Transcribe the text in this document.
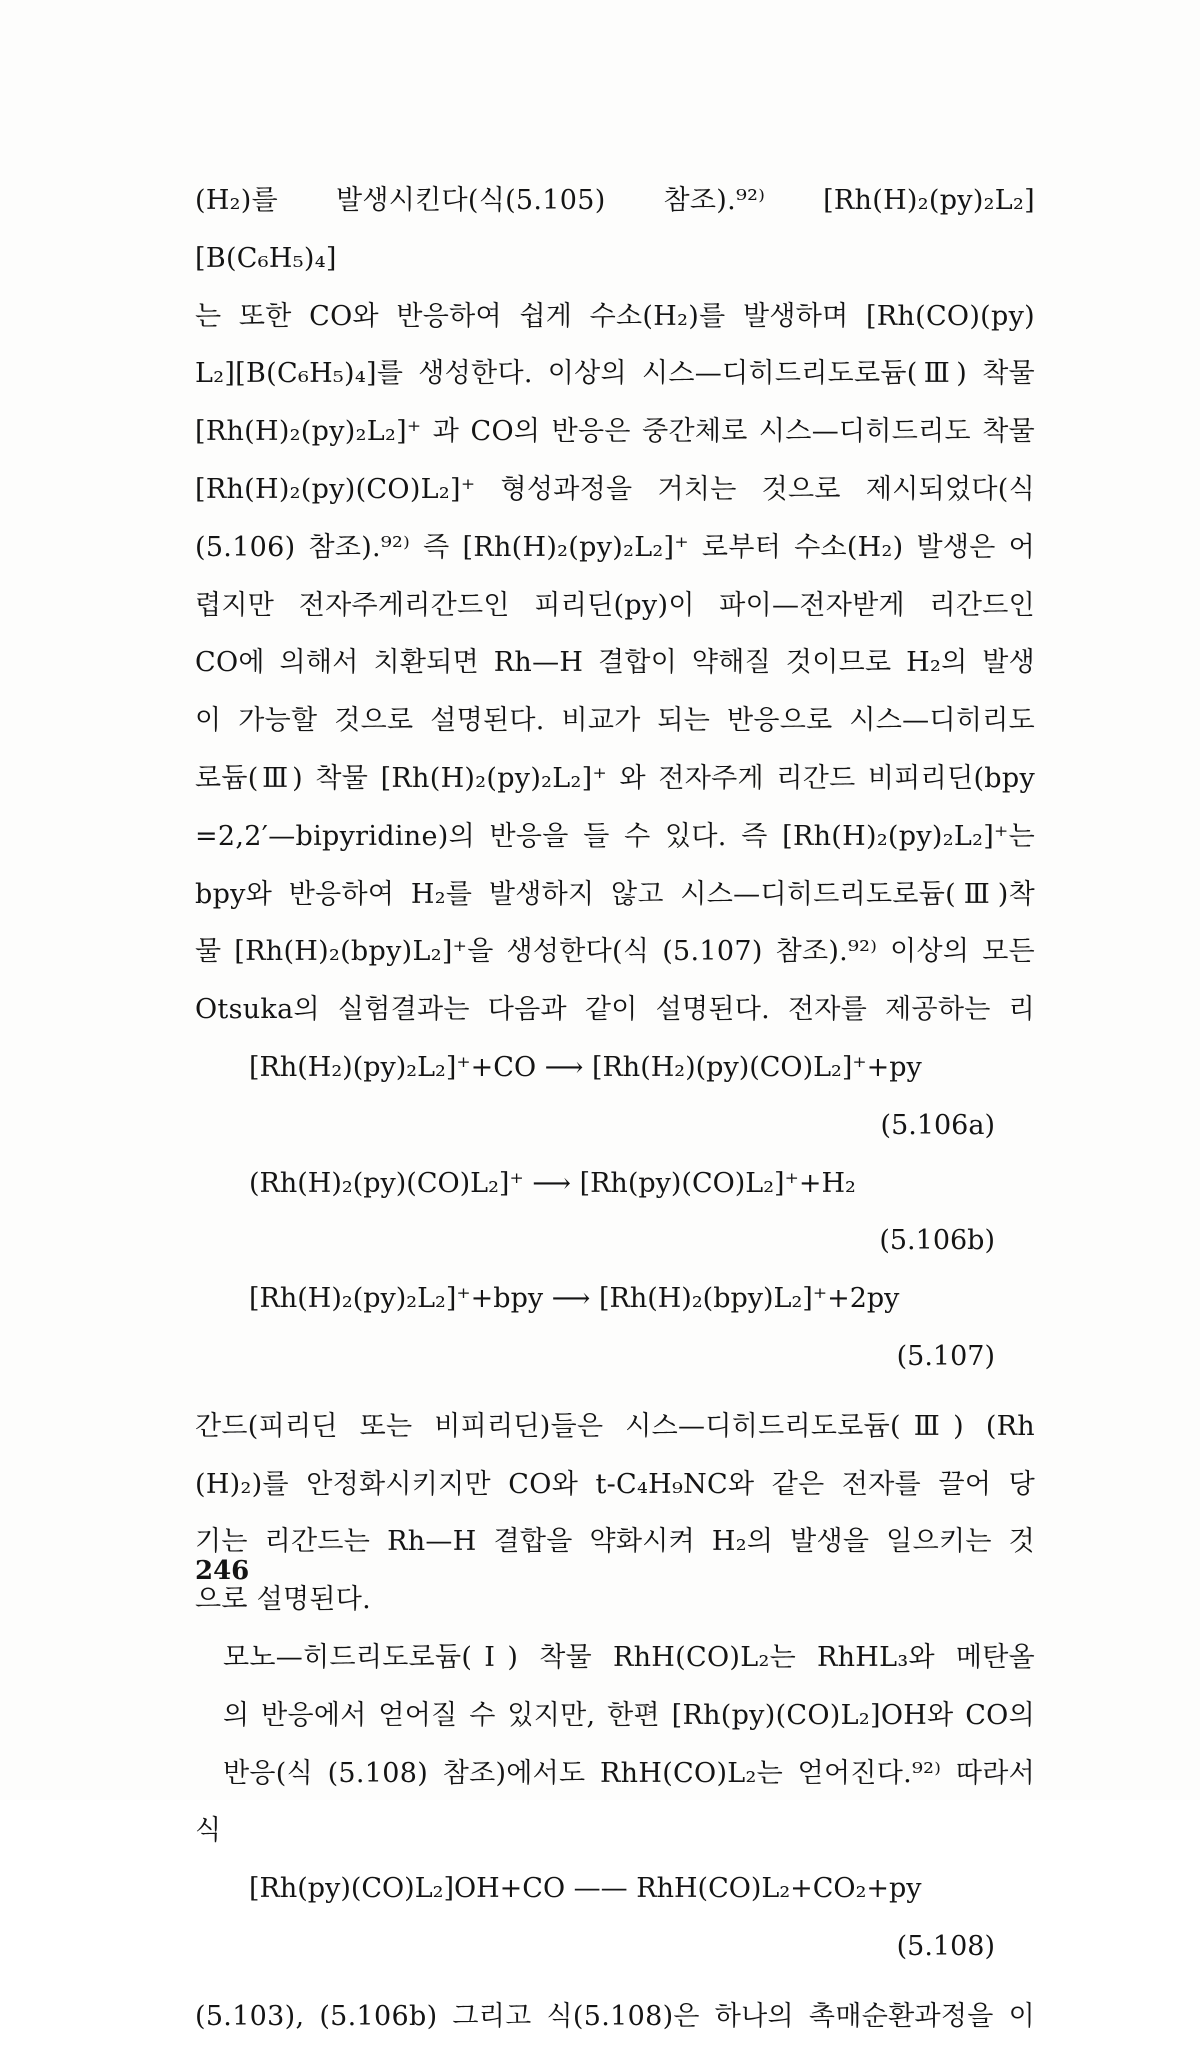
(H₂)를 발생시킨다(식(5.105) 참조).⁹²⁾ [Rh(H)₂(py)₂L₂] [B(C₆H₅)₄]
는 또한 CO와 반응하여 쉽게 수소(H₂)를 발생하며 [Rh(CO)(py)
L₂][B(C₆H₅)₄]를 생성한다. 이상의 시스—디히드리도로듐(Ⅲ) 착물
[Rh(H)₂(py)₂L₂]⁺ 과 CO의 반응은 중간체로 시스—디히드리도 착물
[Rh(H)₂(py)(CO)L₂]⁺ 형성과정을 거치는 것으로 제시되었다(식
(5.106) 참조).⁹²⁾ 즉 [Rh(H)₂(py)₂L₂]⁺ 로부터 수소(H₂) 발생은 어
렵지만 전자주게리간드인 피리딘(py)이 파이—전자받게 리간드인
CO에 의해서 치환되면 Rh—H 결합이 약해질 것이므로 H₂의 발생
이 가능할 것으로 설명된다. 비교가 되는 반응으로 시스—디히리도
로듐(Ⅲ) 착물 [Rh(H)₂(py)₂L₂]⁺ 와 전자주게 리간드 비피리딘(bpy
=2,2′—bipyridine)의 반응을 들 수 있다. 즉 [Rh(H)₂(py)₂L₂]⁺는
bpy와 반응하여 H₂를 발생하지 않고 시스—디히드리도로듐(Ⅲ)착
물 [Rh(H)₂(bpy)L₂]⁺을 생성한다(식 (5.107) 참조).⁹²⁾ 이상의 모든
Otsuka의 실험결과는 다음과 같이 설명된다. 전자를 제공하는 리

[Rh(H₂)(py)₂L₂]⁺+CO ⟶ [Rh(H₂)(py)(CO)L₂]⁺+py
(5.106a)
(Rh(H)₂(py)(CO)L₂]⁺ ⟶ [Rh(py)(CO)L₂]⁺+H₂
(5.106b)
[Rh(H)₂(py)₂L₂]⁺+bpy ⟶ [Rh(H)₂(bpy)L₂]⁺+2py
(5.107)

간드(피리딘 또는 비피리딘)들은 시스—디히드리도로듐(Ⅲ) (Rh
(H)₂)를 안정화시키지만 CO와 t-C₄H₉NC와 같은 전자를 끌어 당
기는 리간드는 Rh—H 결합을 약화시켜 H₂의 발생을 일으키는 것
으로 설명된다.

모노—히드리도로듐(Ⅰ) 착물 RhH(CO)L₂는 RhHL₃와 메탄올
의 반응에서 얻어질 수 있지만, 한편 [Rh(py)(CO)L₂]OH와 CO의
반응(식 (5.108) 참조)에서도 RhH(CO)L₂는 얻어진다.⁹²⁾ 따라서 식

[Rh(py)(CO)L₂]OH+CO —— RhH(CO)L₂+CO₂+py
(5.108)

(5.103), (5.106b) 그리고 식(5.108)은 하나의 촉매순환과정을 이

246
